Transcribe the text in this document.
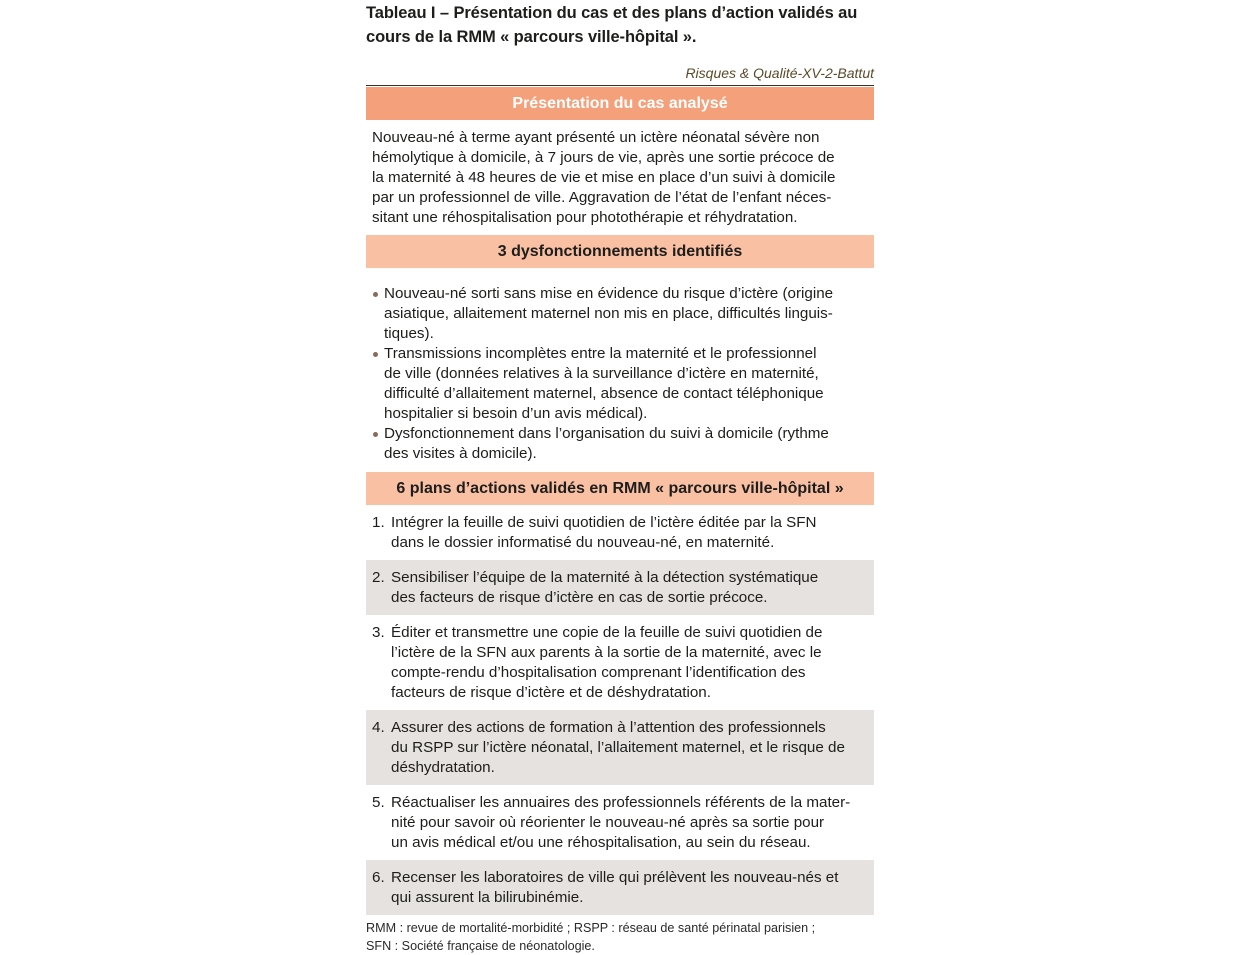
Tableau I – Présentation du cas et des plans d’action validés au
cours de la RMM « parcours ville-hôpital ».
Risques & Qualité-XV-2-Battut
Présentation du cas analysé
Nouveau-né à terme ayant présenté un ictère néonatal sévère non
hémolytique à domicile, à 7 jours de vie, après une sortie précoce de
la maternité à 48 heures de vie et mise en place d’un suivi à domicile
par un professionnel de ville. Aggravation de l’état de l’enfant néces-
sitant une réhospitalisation pour photothérapie et réhydratation.
3 dysfonctionnements identifiés
Nouveau-né sorti sans mise en évidence du risque d’ictère (origine
asiatique, allaitement maternel non mis en place, difficultés linguis-
tiques).
Transmissions incomplètes entre la maternité et le professionnel
de ville (données relatives à la surveillance d’ictère en maternité,
difficulté d’allaitement maternel, absence de contact téléphonique
hospitalier si besoin d’un avis médical).
Dysfonctionnement dans l’organisation du suivi à domicile (rythme
des visites à domicile).
6 plans d’actions validés en RMM « parcours ville-hôpital »
1. Intégrer la feuille de suivi quotidien de l’ictère éditée par la SFN
dans le dossier informatisé du nouveau-né, en maternité.
2. Sensibiliser l’équipe de la maternité à la détection systématique
des facteurs de risque d’ictère en cas de sortie précoce.
3. Éditer et transmettre une copie de la feuille de suivi quotidien de
l’ictère de la SFN aux parents à la sortie de la maternité, avec le
compte-rendu d’hospitalisation comprenant l’identification des
facteurs de risque d’ictère et de déshydratation.
4. Assurer des actions de formation à l’attention des professionnels
du RSPP sur l’ictère néonatal, l’allaitement maternel, et le risque de
déshydratation.
5. Réactualiser les annuaires des professionnels référents de la mater-
nité pour savoir où réorienter le nouveau-né après sa sortie pour
un avis médical et/ou une réhospitalisation, au sein du réseau.
6. Recenser les laboratoires de ville qui prélèvent les nouveau-nés et
qui assurent la bilirubinémie.
RMM : revue de mortalité-morbidité ; RSPP : réseau de santé périnatal parisien ;
SFN : Société française de néonatologie.
